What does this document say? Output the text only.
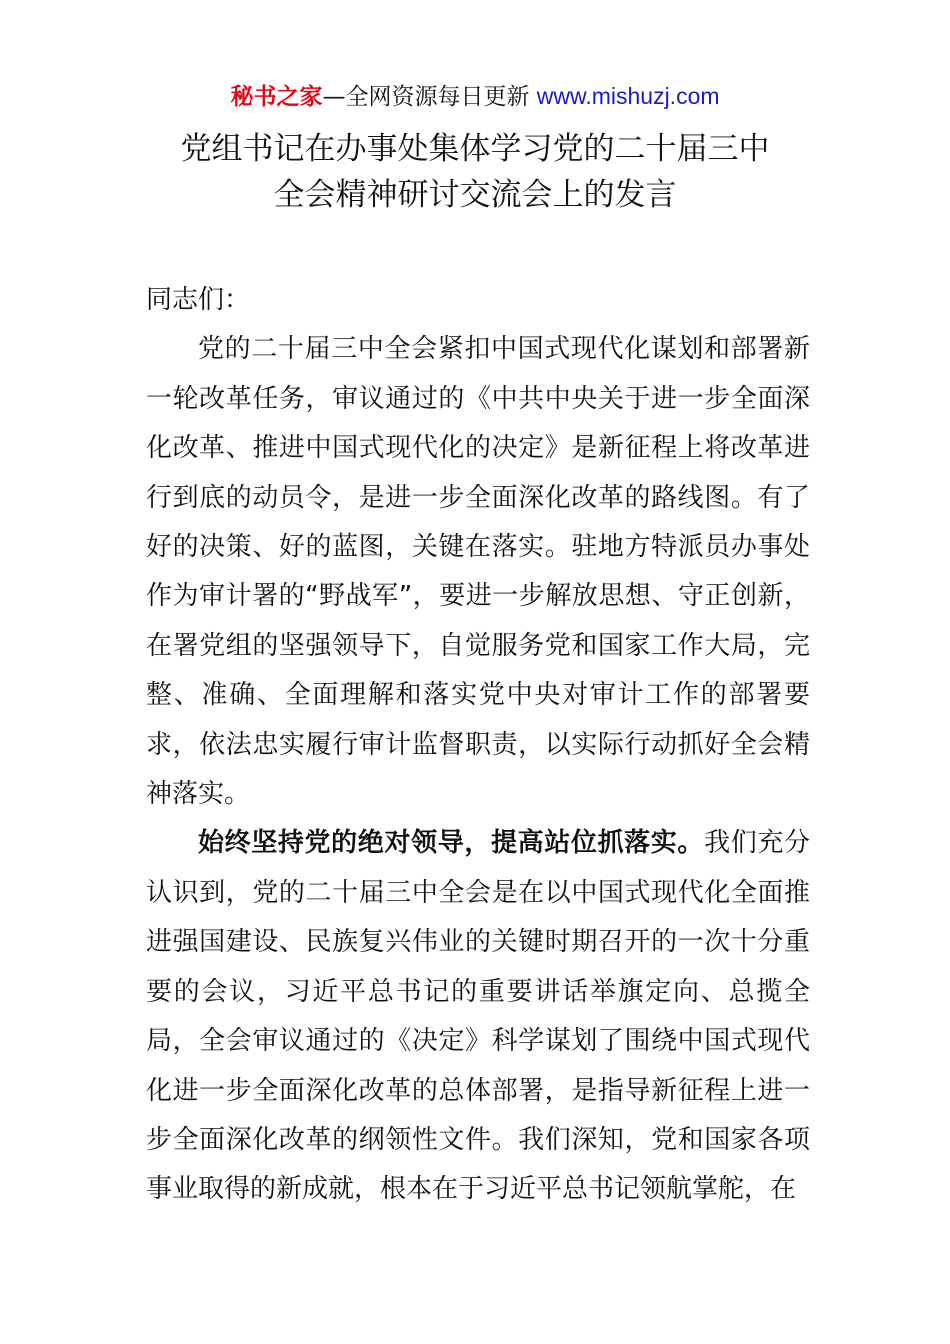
秘书之家—全网资源每日更新 www.mishuzj.com
党组书记在办事处集体学习党的二十届三中
全会精神研讨交流会上的发言

同志们：

党的二十届三中全会紧扣中国式现代化谋划和部署新一轮改革任务，审议通过的《中共中央关于进一步全面深化改革、推进中国式现代化的决定》是新征程上将改革进行到底的动员令，是进一步全面深化改革的路线图。有了好的决策、好的蓝图，关键在落实。驻地方特派员办事处作为审计署的“野战军”，要进一步解放思想、守正创新，在署党组的坚强领导下，自觉服务党和国家工作大局，完整、准确、全面理解和落实党中央对审计工作的部署要求，依法忠实履行审计监督职责，以实际行动抓好全会精神落实。

始终坚持党的绝对领导，提高站位抓落实。我们充分认识到，党的二十届三中全会是在以中国式现代化全面推进强国建设、民族复兴伟业的关键时期召开的一次十分重要的会议，习近平总书记的重要讲话举旗定向、总揽全局，全会审议通过的《决定》科学谋划了围绕中国式现代化进一步全面深化改革的总体部署，是指导新征程上进一步全面深化改革的纲领性文件。我们深知，党和国家各项事业取得的新成就，根本在于习近平总书记领航掌舵，在
